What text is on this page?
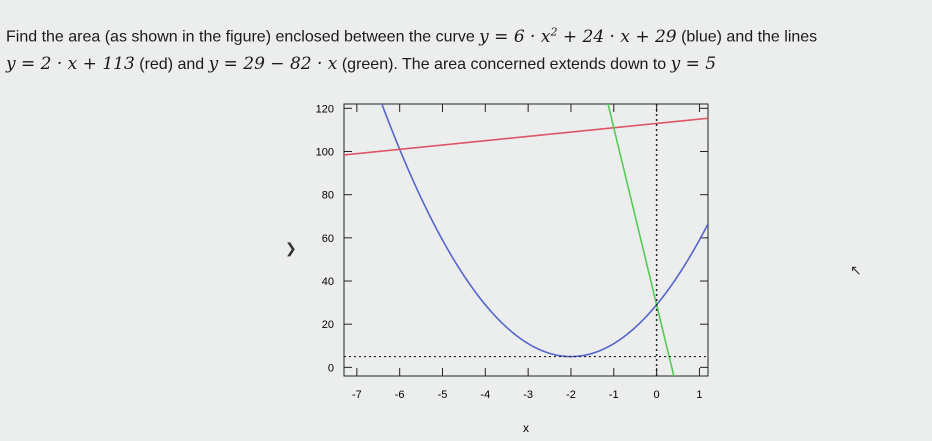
Find the area (as shown in the figure) enclosed between the curve $y = 6 \cdot x^2 + 24 \cdot x + 29$ (blue) and the lines
y = 2 · x + 113 (red) and y = 29 − 82 · x (green). The area concerned extends down to y = 5
-7	-6	-5	-4	-3	-2	-1	0	1
0
20
40
60
80
100
120
x
❯
↖
